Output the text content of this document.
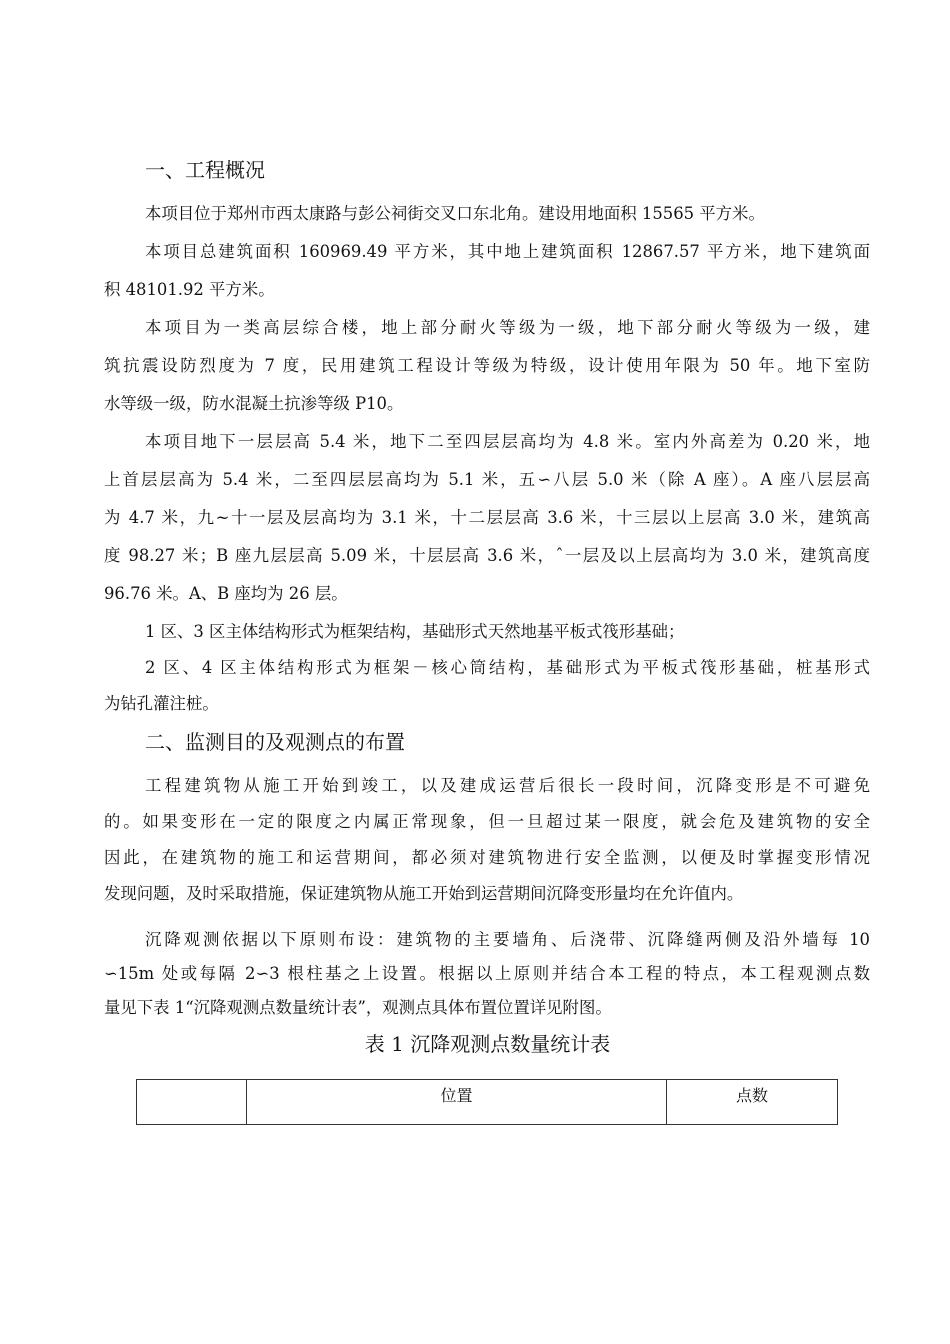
一、工程概况
本项目位于郑州市西太康路与彭公祠街交叉口东北角。建设用地面积 15565 平方米。
本项目总建筑面积 160969.49 平方米，其中地上建筑面积 12867.57 平方米，地下建筑面
积 48101.92 平方米。
本项目为一类高层综合楼，地上部分耐火等级为一级，地下部分耐火等级为一级，建
筑抗震设防烈度为 7 度，民用建筑工程设计等级为特级，设计使用年限为 50 年。地下室防
水等级一级，防水混凝土抗渗等级 P10。
本项目地下一层层高 5.4 米，地下二至四层层高均为 4.8 米。室内外高差为 0.20 米，地
上首层层高为 5.4 米，二至四层层高均为 5.1 米，五∽八层 5.0 米（除 A 座）。A 座八层层高
为 4.7 米，九~十一层及层高均为 3.1 米，十二层层高 3.6 米，十三层以上层高 3.0 米，建筑高
度 98.27 米；B 座九层层高 5.09 米，十层层高 3.6 米，ˆ一层及以上层高均为 3.0 米，建筑高度
96.76 米。A、B 座均为 26 层。
1 区、3 区主体结构形式为框架结构，基础形式天然地基平板式筏形基础；
2 区、4 区主体结构形式为框架－核心筒结构，基础形式为平板式筏形基础，桩基形式
为钻孔灌注桩。
二、监测目的及观测点的布置
工程建筑物从施工开始到竣工，以及建成运营后很长一段时间，沉降变形是不可避免
的。如果变形在一定的限度之内属正常现象，但一旦超过某一限度，就会危及建筑物的安全
因此，在建筑物的施工和运营期间，都必须对建筑物进行安全监测，以便及时掌握变形情况
发现问题，及时采取措施，保证建筑物从施工开始到运营期间沉降变形量均在允许值内。
沉降观测依据以下原则布设：建筑物的主要墙角、后浇带、沉降缝两侧及沿外墙每 10
∽15m 处或每隔 2∽3 根柱基之上设置。根据以上原则并结合本工程的特点，本工程观测点数
量见下表 1“沉降观测点数量统计表”，观测点具体布置位置详见附图。
表 1 沉降观测点数量统计表
	位置	点数
